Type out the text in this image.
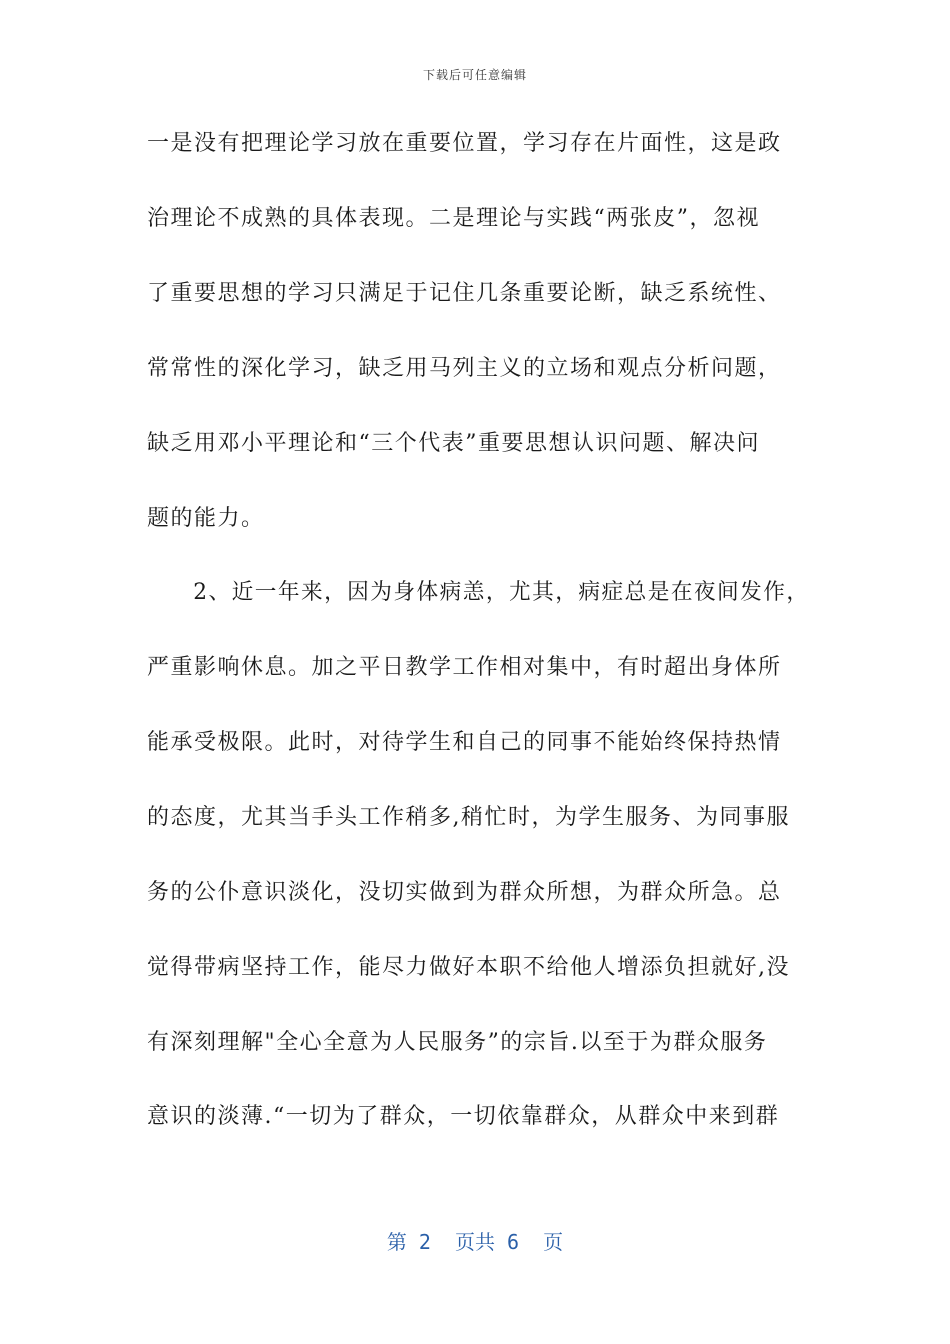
下载后可任意编辑
一是没有把理论学习放在重要位置，学习存在片面性，这是政
治理论不成熟的具体表现。二是理论与实践“两张皮”，忽视
了重要思想的学习只满足于记住几条重要论断，缺乏系统性、
常常性的深化学习，缺乏用马列主义的立场和观点分析问题，
缺乏用邓小平理论和“三个代表”重要思想认识问题、解决问
题的能力。
　　2、近一年来，因为身体病恙，尤其，病症总是在夜间发作，
严重影响休息。加之平日教学工作相对集中，有时超出身体所
能承受极限。此时，对待学生和自己的同事不能始终保持热情
的态度，尤其当手头工作稍多,稍忙时，为学生服务、为同事服
务的公仆意识淡化，没切实做到为群众所想，为群众所急。总
觉得带病坚持工作，能尽力做好本职不给他人增添负担就好,没
有深刻理解"全心全意为人民服务”的宗旨.以至于为群众服务
意识的淡薄.“一切为了群众，一切依靠群众，从群众中来到群
第 2  页共 6  页
